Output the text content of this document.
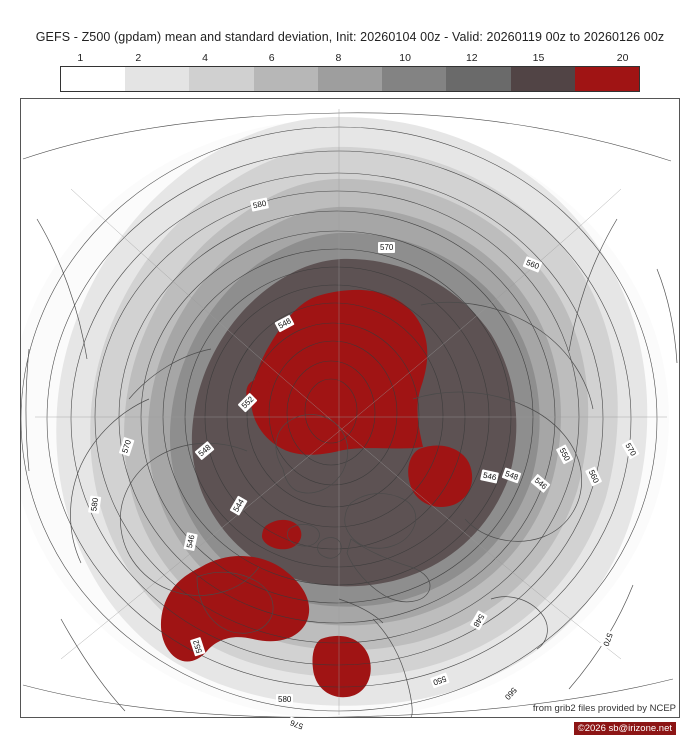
GEFS - Z500 (gpdam) mean and standard deviation, Init: 20260104 00z - Valid: 20260119 00z to 20260126 00z
1	2	4	6	8	10	12	15	20
580
570
560
548
552
570	548	550	570
548
546	546	560
580	544
546
552
548
570
550
560
576
from grib2 files provided by NCEP
©2026 sb@irizone.net
580
